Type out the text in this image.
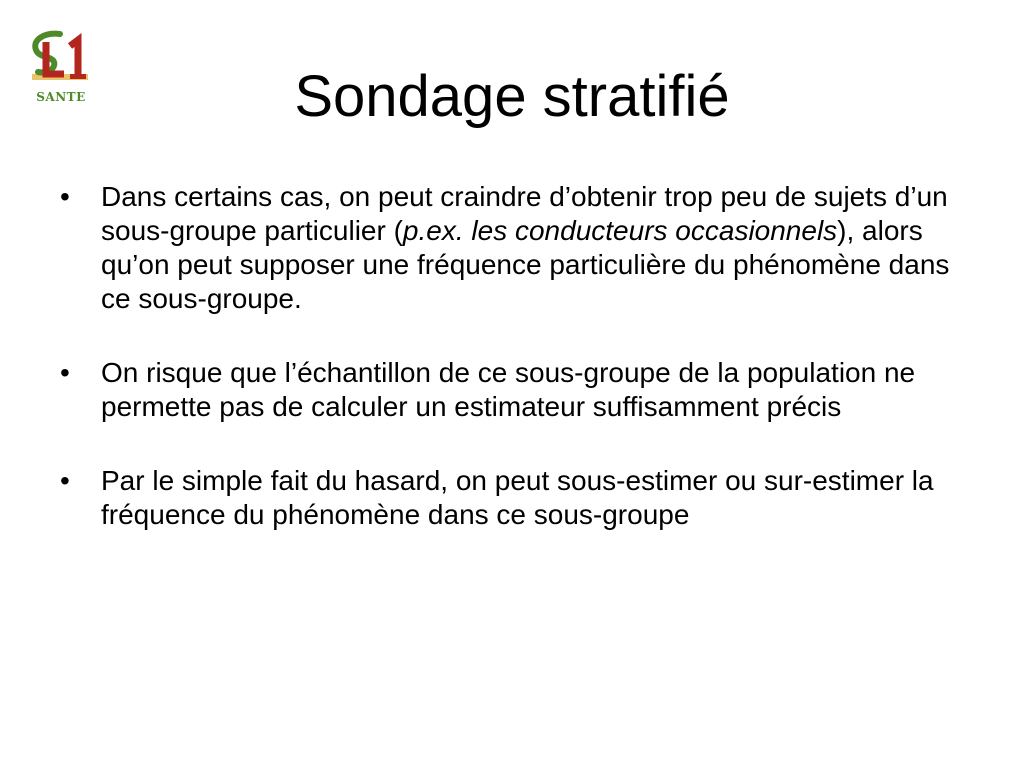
SANTE	Sondage stratifié
•	Dans certains cas, on peut craindre d’obtenir trop peu de sujets d’un sous-groupe particulier (p.ex. les conducteurs occasionnels), alors qu’on peut supposer une fréquence particulière du phénomène dans ce sous-groupe.
•	On risque que l’échantillon de ce sous-groupe de la population ne permette pas de calculer un estimateur suffisamment précis
•	Par le simple fait du hasard, on peut sous-estimer ou sur-estimer la fréquence du phénomène dans ce sous-groupe
